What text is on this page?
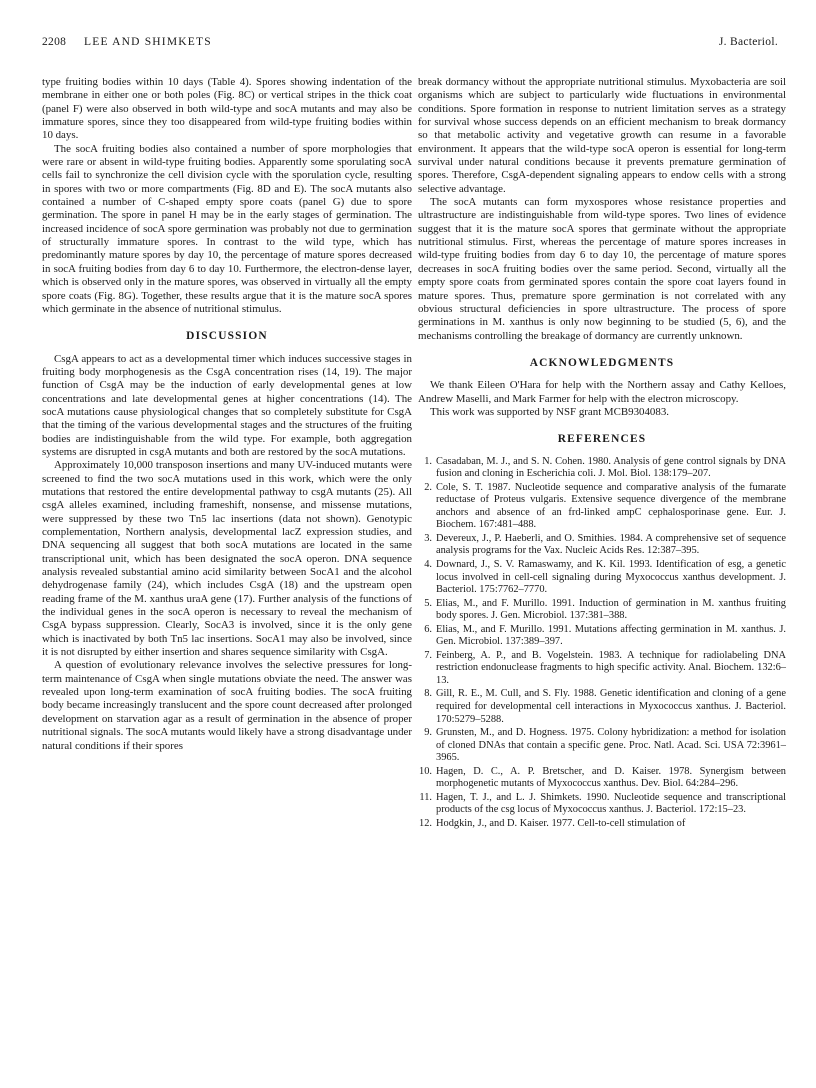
2208 LEE AND SHIMKETS	J. Bacteriol.

type fruiting bodies within 10 days (Table 4). Spores showing indentation of the membrane in either one or both poles (Fig. 8C) or vertical stripes in the thick coat (panel F) were also observed in both wild-type and socA mutants and may also be immature spores, since they too disappeared from wild-type fruiting bodies within 10 days.

The socA fruiting bodies also contained a number of spore morphologies that were rare or absent in wild-type fruiting bodies. Apparently some sporulating socA cells fail to synchronize the cell division cycle with the sporulation cycle, resulting in spores with two or more compartments (Fig. 8D and E). The socA mutants also contained a number of C-shaped empty spore coats (panel G) due to spore germination. The spore in panel H may be in the early stages of germination. The increased incidence of socA spore germination was probably not due to germination of structurally immature spores. In contrast to the wild type, which has predominantly mature spores by day 10, the percentage of mature spores decreased in socA fruiting bodies from day 6 to day 10. Furthermore, the electron-dense layer, which is observed only in the mature spores, was observed in virtually all the empty spore coats (Fig. 8G). Together, these results argue that it is the mature socA spores which germinate in the absence of nutritional stimulus.

DISCUSSION

CsgA appears to act as a developmental timer which induces successive stages in fruiting body morphogenesis as the CsgA concentration rises (14, 19). The major function of CsgA may be the induction of early developmental genes at low concentrations and late developmental genes at higher concentrations (14). The socA mutations cause physiological changes that so completely substitute for CsgA that the timing of the various developmental stages and the structures of the fruiting bodies are indistinguishable from the wild type. For example, both aggregation systems are disrupted in csgA mutants and both are restored by the socA mutations.

Approximately 10,000 transposon insertions and many UV-induced mutants were screened to find the two socA mutations used in this work, which were the only mutations that restored the entire developmental pathway to csgA mutants (25). All csgA alleles examined, including frameshift, nonsense, and missense mutations, were suppressed by these two Tn5 lac insertions (data not shown). Genotypic complementation, Northern analysis, developmental lacZ expression studies, and DNA sequencing all suggest that both socA mutations are located in the same transcriptional unit, which has been designated the socA operon. DNA sequence analysis revealed substantial amino acid similarity between SocA1 and the alcohol dehydrogenase family (24), which includes CsgA (18) and the upstream open reading frame of the M. xanthus uraA gene (17). Further analysis of the functions of the individual genes in the socA operon is necessary to reveal the mechanism of CsgA bypass suppression. Clearly, SocA3 is involved, since it is the only gene which is inactivated by both Tn5 lac insertions. SocA1 may also be involved, since it is not disrupted by either insertion and shares sequence similarity with CsgA.

A question of evolutionary relevance involves the selective pressures for long-term maintenance of CsgA when single mutations obviate the need. The answer was revealed upon long-term examination of socA fruiting bodies. The socA fruiting body became increasingly translucent and the spore count decreased after prolonged development on starvation agar as a result of germination in the absence of proper nutritional signals. The socA mutants would likely have a strong disadvantage under natural conditions if their spores

break dormancy without the appropriate nutritional stimulus. Myxobacteria are soil organisms which are subject to particularly wide fluctuations in environmental conditions. Spore formation in response to nutrient limitation serves as a strategy for survival whose success depends on an efficient mechanism to break dormancy so that metabolic activity and vegetative growth can resume in a favorable environment. It appears that the wild-type socA operon is essential for long-term survival under natural conditions because it prevents premature germination of spores. Therefore, CsgA-dependent signaling appears to endow cells with a strong selective advantage.

The socA mutants can form myxospores whose resistance properties and ultrastructure are indistinguishable from wild-type spores. Two lines of evidence suggest that it is the mature socA spores that germinate without the appropriate nutritional stimulus. First, whereas the percentage of mature spores increases in wild-type fruiting bodies from day 6 to day 10, the percentage of mature spores decreases in socA fruiting bodies over the same period. Second, virtually all the empty spore coats from germinated spores contain the spore coat layers found in mature spores. Thus, premature spore germination is not correlated with any obvious structural deficiencies in spore ultrastructure. The process of spore germinations in M. xanthus is only now beginning to be studied (5, 6), and the mechanisms controlling the breakage of dormancy are currently unknown.

ACKNOWLEDGMENTS

We thank Eileen O'Hara for help with the Northern assay and Cathy Kelloes, Andrew Maselli, and Mark Farmer for help with the electron microscopy.

This work was supported by NSF grant MCB9304083.

REFERENCES
1. Casadaban, M. J., and S. N. Cohen. 1980. Analysis of gene control signals by DNA fusion and cloning in Escherichia coli. J. Mol. Biol. 138:179–207.
2. Cole, S. T. 1987. Nucleotide sequence and comparative analysis of the fumarate reductase of Proteus vulgaris. Extensive sequence divergence of the membrane anchors and absence of an frd-linked ampC cephalosporinase gene. Eur. J. Biochem. 167:481–488.
3. Devereux, J., P. Haeberli, and O. Smithies. 1984. A comprehensive set of sequence analysis programs for the Vax. Nucleic Acids Res. 12:387–395.
4. Downard, J., S. V. Ramaswamy, and K. Kil. 1993. Identification of esg, a genetic locus involved in cell-cell signaling during Myxococcus xanthus development. J. Bacteriol. 175:7762–7770.
5. Elias, M., and F. Murillo. 1991. Induction of germination in M. xanthus fruiting body spores. J. Gen. Microbiol. 137:381–388.
6. Elias, M., and F. Murillo. 1991. Mutations affecting germination in M. xanthus. J. Gen. Microbiol. 137:389–397.
7. Feinberg, A. P., and B. Vogelstein. 1983. A technique for radiolabeling DNA restriction endonuclease fragments to high specific activity. Anal. Biochem. 132:6–13.
8. Gill, R. E., M. Cull, and S. Fly. 1988. Genetic identification and cloning of a gene required for developmental cell interactions in Myxococcus xanthus. J. Bacteriol. 170:5279–5288.
9. Grunsten, M., and D. Hogness. 1975. Colony hybridization: a method for isolation of cloned DNAs that contain a specific gene. Proc. Natl. Acad. Sci. USA 72:3961–3965.
10. Hagen, D. C., A. P. Bretscher, and D. Kaiser. 1978. Synergism between morphogenetic mutants of Myxococcus xanthus. Dev. Biol. 64:284–296.
11. Hagen, T. J., and L. J. Shimkets. 1990. Nucleotide sequence and transcriptional products of the csg locus of Myxococcus xanthus. J. Bacteriol. 172:15–23.
12. Hodgkin, J., and D. Kaiser. 1977. Cell-to-cell stimulation of
